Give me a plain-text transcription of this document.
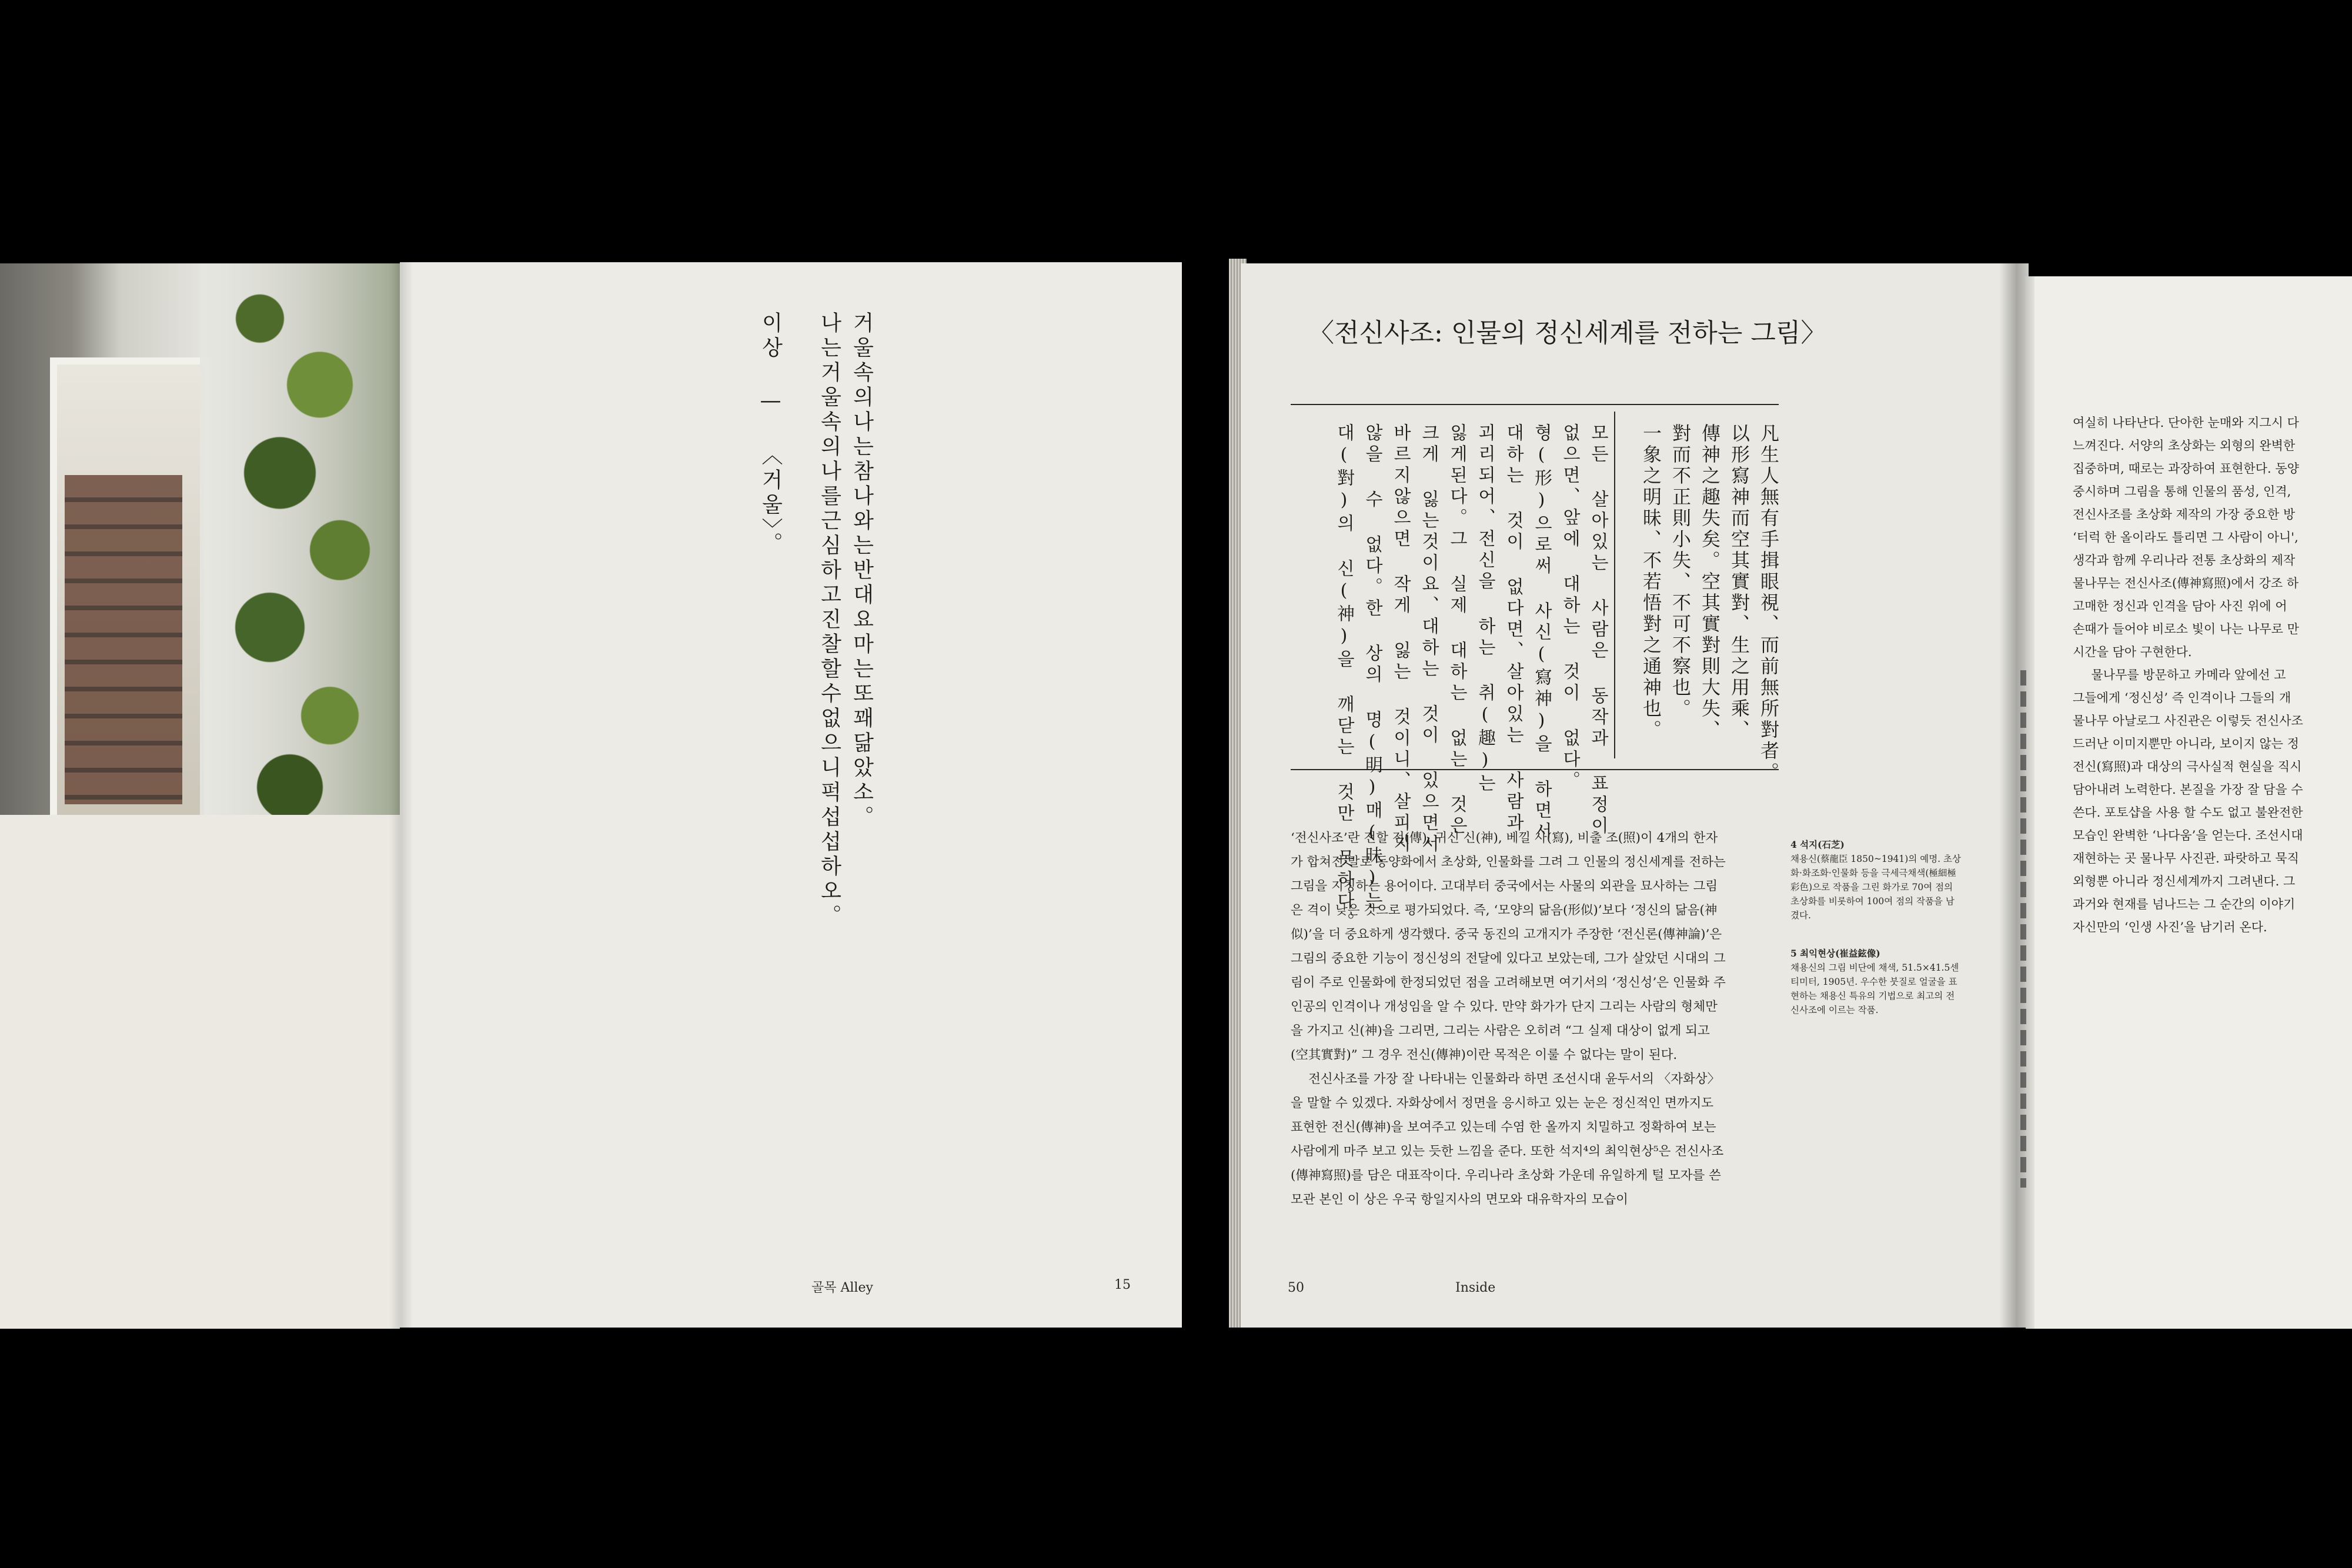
거울속의나는참나와는반대요마는또꽤닮았소。
나는거울속의나를근심하고진찰할수없으니퍽섭섭하오。
이상 — 〈거울〉。
골목 Alley	15
〈전신사조: 인물의 정신세계를 전하는 그림〉
凡生人無有手揖眼視、而前無所對者。
以形寫神而空其實對、生之用乘、
傳神之趣失矣。空其實對則大失、
對而不正則小失、不可不察也。
一象之明昧、不若悟對之通神也。
모든 살아있는 사람은 동작과 표정이
없으면、앞에 대하는 것이 없다。
형(形)으로써 사신(寫神)을 하면서
대하는 것이 없다면、살아있는 사람과
괴리되어、전신을 하는 취(趣)는
잃게된다。그 실제 대하는 없는 것은
크게 잃는것이요、대하는 것이 있으면서
바르지않으면 작게 잃는 것이니、살피지
않을 수 없다。한 상의 명(明)매(昧)는
대(對)의 신(神)을 깨닫는 것만 못하다。

‘전신사조’란 전할 전(傳), 귀신 신(神), 베낄 사(寫), 비출 조(照)이 4개의 한자가 합쳐진 말로 동양화에서 초상화, 인물화를 그려 그 인물의 정신세계를 전하는 그림을 지칭하는 용어이다. 고대부터 중국에서는 사물의 외관을 묘사하는 그림은 격이 낮은 것으로 평가되었다. 즉, ‘모양의 닮음(形似)’보다 ‘정신의 닮음(神似)’을 더 중요하게 생각했다. 중국 동진의 고개지가 주장한 ‘전신론(傳神論)’은 그림의 중요한 기능이 정신성의 전달에 있다고 보았는데, 그가 살았던 시대의 그림이 주로 인물화에 한정되었던 점을 고려해보면 여기서의 ‘정신성’은 인물화 주인공의 인격이나 개성임을 알 수 있다. 만약 화가가 단지 그리는 사람의 형체만을 가지고 신(神)을 그리면, 그리는 사람은 오히려 “그 실제 대상이 없게 되고(空其實對)” 그 경우 전신(傳神)이란 목적은 이룰 수 없다는 말이 된다.

전신사조를 가장 잘 나타내는 인물화라 하면 조선시대 윤두서의 〈자화상〉을 말할 수 있겠다. 자화상에서 정면을 응시하고 있는 눈은 정신적인 면까지도 표현한 전신(傳神)을 보여주고 있는데 수염 한 올까지 치밀하고 정확하여 보는 사람에게 마주 보고 있는 듯한 느낌을 준다. 또한 석지⁴의 최익현상⁵은 전신사조(傳神寫照)를 담은 대표작이다. 우리나라 초상화 가운데 유일하게 털 모자를 쓴 모관 본인 이 상은 우국 항일지사의 면모와 대유학자의 모습이

4 석지(石芝)
채용신(蔡龍臣 1850~1941)의 예명. 초상화·화조화·인물화 등을 극세극채색(極細極彩色)으로 작품을 그린 화가로 70여 점의 초상화를 비롯하여 100여 점의 작품을 남겼다.
5 최익현상(崔益鉉像)
채용신의 그림 비단에 채색, 51.5×41.5센티미터, 1905년. 우수한 붓질로 얼굴을 표현하는 채용신 특유의 기법으로 최고의 전신사조에 이르는 작품.
50	Inside
여실히 나타난다. 단아한 눈매와 지그시 다
느껴진다. 서양의 초상화는 외형의 완벽한
집중하며, 때로는 과장하여 표현한다. 동양
중시하며 그림을 통해 인물의 품성, 인격,
전신사조를 초상화 제작의 가장 중요한 방
‘터럭 한 올이라도 틀리면 그 사람이 아니',
생각과 함께 우리나라 전통 초상화의 제작
물나무는 전신사조(傳神寫照)에서 강조 하
고매한 정신과 인격을 담아 사진 위에 어
손때가 들어야 비로소 빛이 나는 나무로 만
시간을 담아 구현한다.
물나무를 방문하고 카메라 앞에선 고
그들에게 ‘정신성’ 즉 인격이나 그들의 개
물나무 아날로그 사진관은 이렇듯 전신사조
드러난 이미지뿐만 아니라, 보이지 않는 정
전신(寫照)과 대상의 극사실적 현실을 직시
담아내려 노력한다. 본질을 가장 잘 담을 수
쓴다. 포토샵을 사용 할 수도 없고 불완전한
모습인 완벽한 ‘나다움’을 얻는다. 조선시대
재현하는 곳 물나무 사진관. 파랏하고 묵직
외형뿐 아니라 정신세계까지 그려낸다. 그
과거와 현재를 넘나드는 그 순간의 이야기
자신만의 ‘인생 사진’을 남기러 온다.
